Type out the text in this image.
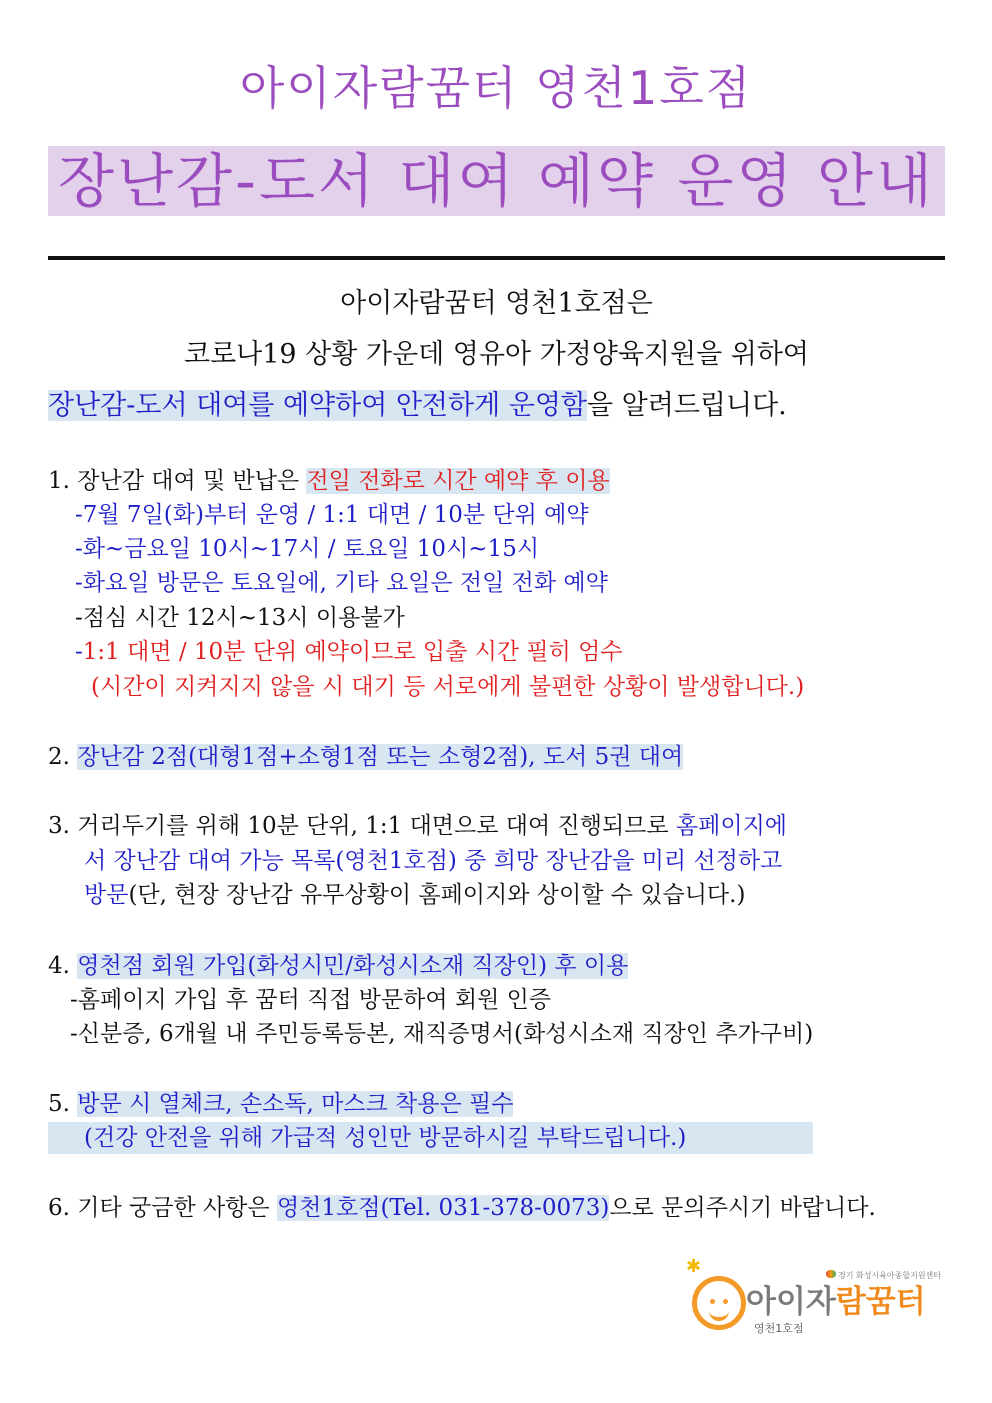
아이자람꿈터 영천1호점
장난감-도서 대여 예약 운영 안내
아이자람꿈터 영천1호점은
코로나19 상황 가운데 영유아 가정양육지원을 위하여
장난감-도서 대여를 예약하여 안전하게 운영함을 알려드립니다.
1. 장난감 대여 및 반납은 전일 전화로 시간 예약 후 이용
-7월 7일(화)부터 운영 / 1:1 대면 / 10분 단위 예약
-화~금요일 10시~17시 / 토요일 10시~15시
-화요일 방문은 토요일에, 기타 요일은 전일 전화 예약
-점심 시간 12시~13시 이용불가
-1:1 대면 / 10분 단위 예약이므로 입출 시간 필히 엄수
(시간이 지켜지지 않을 시 대기 등 서로에게 불편한 상황이 발생합니다.)
2. 장난감 2점(대형1점+소형1점 또는 소형2점), 도서 5권 대여
3. 거리두기를 위해 10분 단위, 1:1 대면으로 대여 진행되므로 홈페이지에
서 장난감 대여 가능 목록(영천1호점) 중 희망 장난감을 미리 선정하고
방문(단, 현장 장난감 유무상황이 홈페이지와 상이할 수 있습니다.)
4. 영천점 회원 가입(화성시민/화성시소재 직장인) 후 이용
-홈페이지 가입 후 꿈터 직접 방문하여 회원 인증
-신분증, 6개월 내 주민등록등본, 재직증명서(화성시소재 직장인 추가구비)
5. 방문 시 열체크, 손소독, 마스크 착용은 필수
(건강 안전을 위해 가급적 성인만 방문하시길 부탁드립니다.)
6. 기타 궁금한 사항은 영천1호점(Tel. 031-378-0073)으로 문의주시기 바랍니다.
경기 화성시육아종합지원센터
✱
아이자람꿈터
영천1호점
